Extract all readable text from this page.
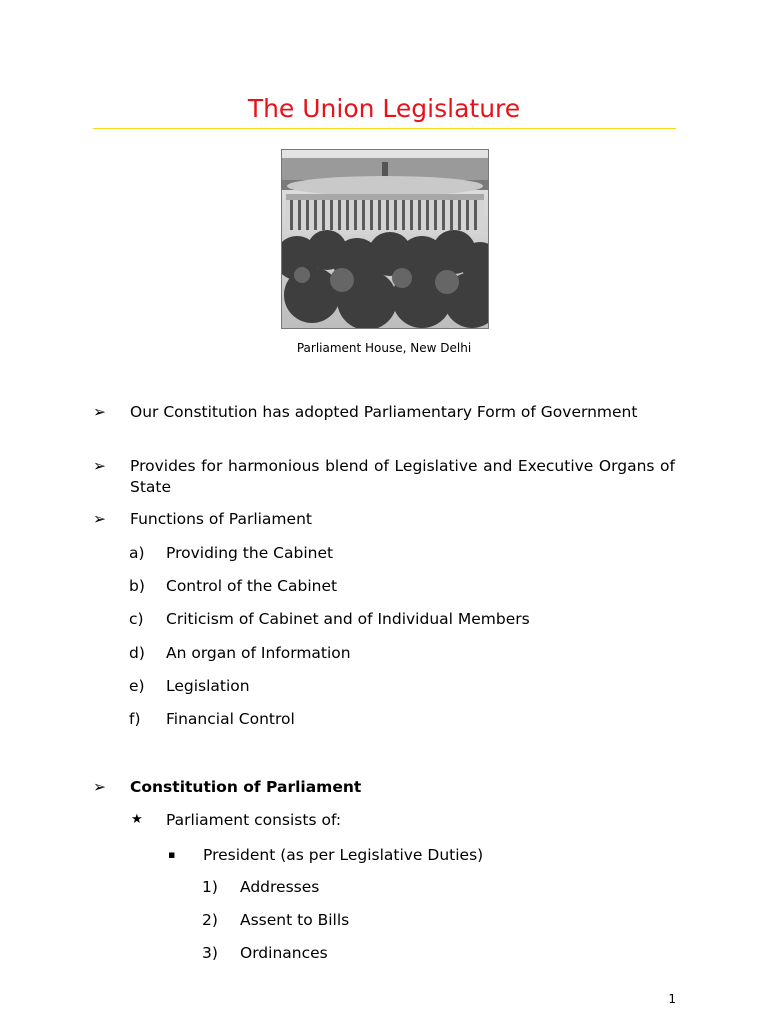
The Union Legislature
Parliament House, New Delhi
➢ Our Constitution has adopted Parliamentary Form of Government
➢ Provides for harmonious blend of Legislative and Executive Organs of State
➢ Functions of Parliament
a) Providing the Cabinet
b) Control of the Cabinet
c) Criticism of Cabinet and of Individual Members
d) An organ of Information
e) Legislation
f) Financial Control
➢ Constitution of Parliament
★ Parliament consists of:
▪ President (as per Legislative Duties)
1) Addresses
2) Assent to Bills
3) Ordinances
1
